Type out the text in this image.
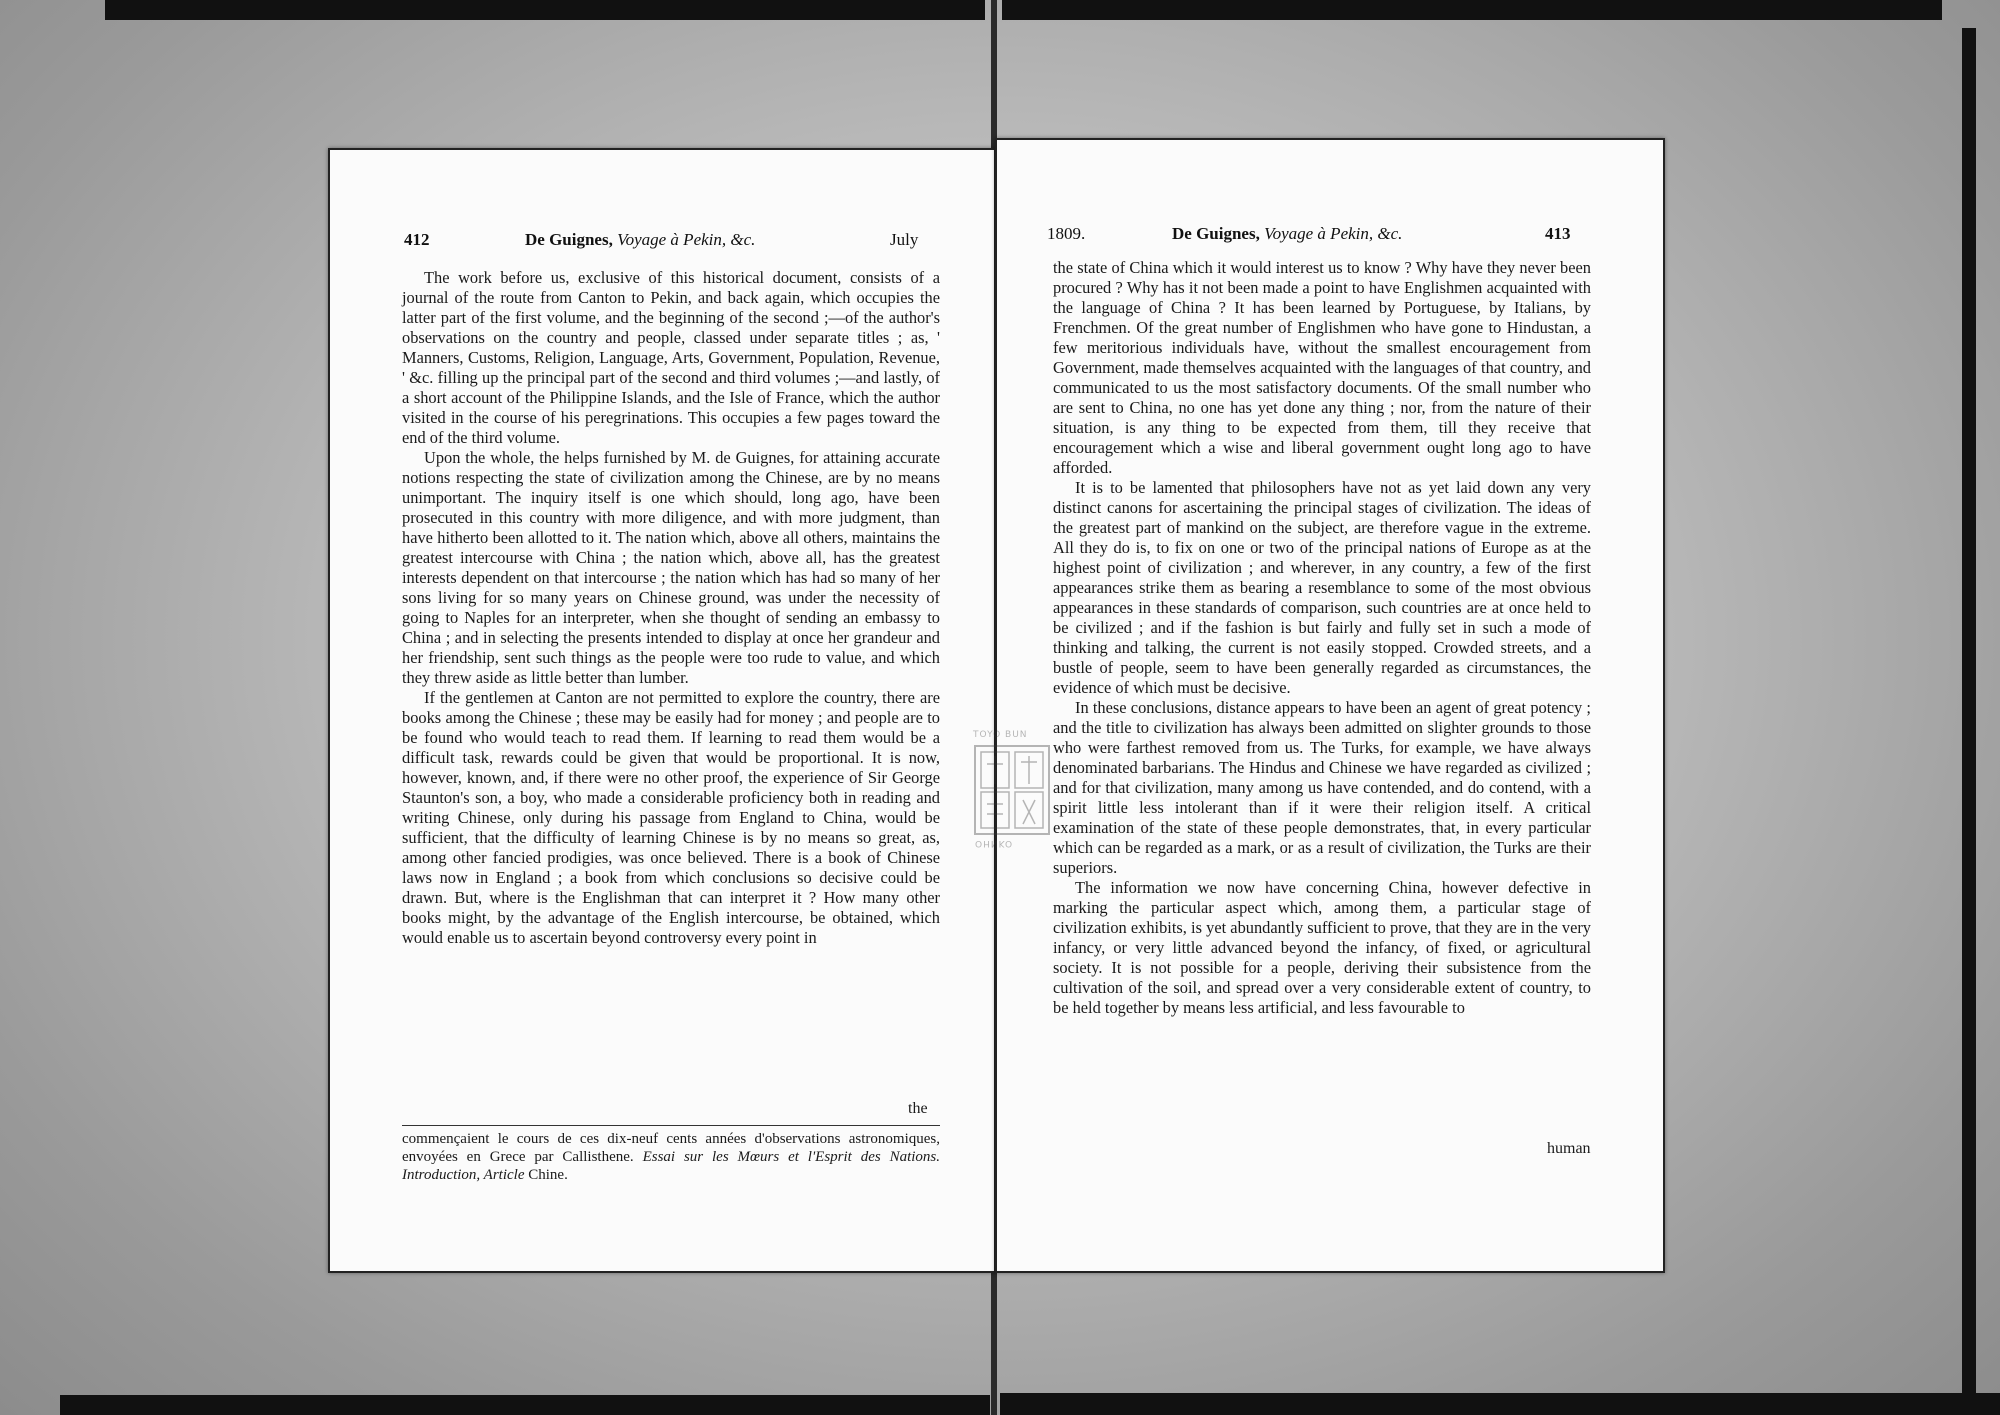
412	De Guignes, Voyage à Pekin, &c.	July

The work before us, exclusive of this historical document, consists of a journal of the route from Canton to Pekin, and back again, which occupies the latter part of the first volume, and the beginning of the second ;—of the author's observations on the country and people, classed under separate titles ; as, ' Manners, Customs, Religion, Language, Arts, Government, Population, Revenue, ' &c. filling up the principal part of the second and third volumes ;—and lastly, of a short account of the Philippine Islands, and the Isle of France, which the author visited in the course of his peregrinations. This occupies a few pages toward the end of the third volume.

Upon the whole, the helps furnished by M. de Guignes, for attaining accurate notions respecting the state of civilization among the Chinese, are by no means unimportant. The inquiry itself is one which should, long ago, have been prosecuted in this country with more diligence, and with more judgment, than have hitherto been allotted to it. The nation which, above all others, maintains the greatest intercourse with China ; the nation which, above all, has the greatest interests dependent on that intercourse ; the nation which has had so many of her sons living for so many years on Chinese ground, was under the necessity of going to Naples for an interpreter, when she thought of sending an embassy to China ; and in selecting the presents intended to display at once her grandeur and her friendship, sent such things as the people were too rude to value, and which they threw aside as little better than lumber.

If the gentlemen at Canton are not permitted to explore the country, there are books among the Chinese ; these may be easily had for money ; and people are to be found who would teach to read them. If learning to read them would be a difficult task, rewards could be given that would be proportional. It is now, however, known, and, if there were no other proof, the experience of Sir George Staunton's son, a boy, who made a considerable proficiency both in reading and writing Chinese, only during his passage from England to China, would be sufficient, that the difficulty of learning Chinese is by no means so great, as, among other fancied prodigies, was once believed. There is a book of Chinese laws now in England ; a book from which conclusions so decisive could be drawn. But, where is the Englishman that can interpret it ? How many other books might, by the advantage of the English intercourse, be obtained, which would enable us to ascertain beyond controversy every point in

the
commençaient le cours de ces dix-neuf cents années d'observations astronomiques, envoyées en Grece par Callisthene. Essai sur les Mœurs et l'Esprit des Nations. Introduction, Article Chine.
1809.	De Guignes, Voyage à Pekin, &c.	413

the state of China which it would interest us to know ? Why have they never been procured ? Why has it not been made a point to have Englishmen acquainted with the language of China ? It has been learned by Portuguese, by Italians, by Frenchmen. Of the great number of Englishmen who have gone to Hindustan, a few meritorious individuals have, without the smallest encouragement from Government, made themselves acquainted with the languages of that country, and communicated to us the most satisfactory documents. Of the small number who are sent to China, no one has yet done any thing ; nor, from the nature of their situation, is any thing to be expected from them, till they receive that encouragement which a wise and liberal government ought long ago to have afforded.

It is to be lamented that philosophers have not as yet laid down any very distinct canons for ascertaining the principal stages of civilization. The ideas of the greatest part of mankind on the subject, are therefore vague in the extreme. All they do is, to fix on one or two of the principal nations of Europe as at the highest point of civilization ; and wherever, in any country, a few of the first appearances strike them as bearing a resemblance to some of the most obvious appearances in these standards of comparison, such countries are at once held to be civilized ; and if the fashion is but fairly and fully set in such a mode of thinking and talking, the current is not easily stopped. Crowded streets, and a bustle of people, seem to have been generally regarded as circumstances, the evidence of which must be decisive.

In these conclusions, distance appears to have been an agent of great potency ; and the title to civilization has always been admitted on slighter grounds to those who were farthest removed from us. The Turks, for example, we have always denominated barbarians. The Hindus and Chinese we have regarded as civilized ; and for that civilization, many among us have contended, and do contend, with a spirit little less intolerant than if it were their religion itself. A critical examination of the state of these people demonstrates, that, in every particular which can be regarded as a mark, or as a result of civilization, the Turks are their superiors.

The information we now have concerning China, however defective in marking the particular aspect which, among them, a particular stage of civilization exhibits, is yet abundantly sufficient to prove, that they are in the very infancy, or very little advanced beyond the infancy, of fixed, or agricultural society. It is not possible for a people, deriving their subsistence from the cultivation of the soil, and spread over a very considerable extent of country, to be held together by means less artificial, and less favourable to

human
TOYO BUN
OHNKO
